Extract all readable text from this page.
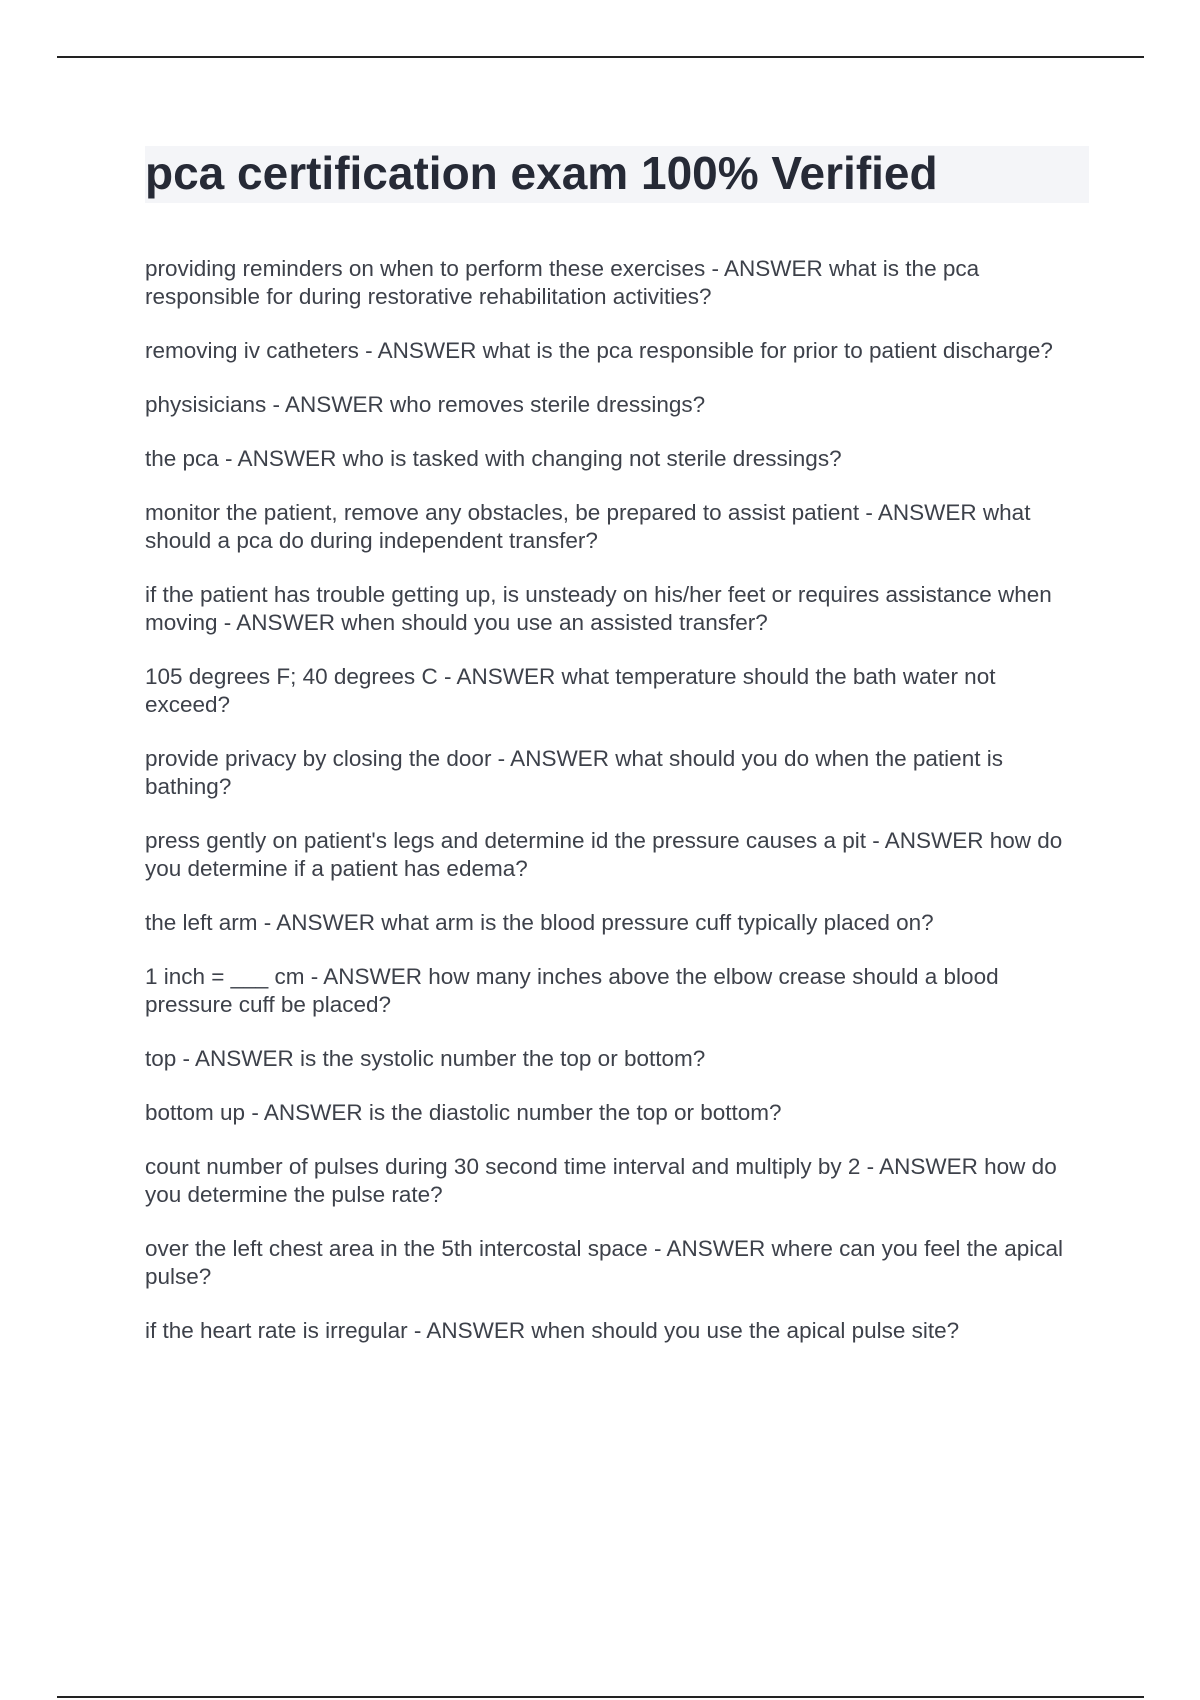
pca certification exam 100% Verified

providing reminders on when to perform these exercises - ANSWER what is the pca responsible for during restorative rehabilitation activities?

removing iv catheters - ANSWER what is the pca responsible for prior to patient discharge?

physisicians - ANSWER who removes sterile dressings?

the pca - ANSWER who is tasked with changing not sterile dressings?

monitor the patient, remove any obstacles, be prepared to assist patient - ANSWER what should a pca do during independent transfer?

if the patient has trouble getting up, is unsteady on his/her feet or requires assistance when moving - ANSWER when should you use an assisted transfer?

105 degrees F; 40 degrees C - ANSWER what temperature should the bath water not exceed?

provide privacy by closing the door - ANSWER what should you do when the patient is bathing?

press gently on patient's legs and determine id the pressure causes a pit - ANSWER how do you determine if a patient has edema?

the left arm - ANSWER what arm is the blood pressure cuff typically placed on?

1 inch = ___ cm - ANSWER how many inches above the elbow crease should a blood pressure cuff be placed?

top - ANSWER is the systolic number the top or bottom?

bottom up - ANSWER is the diastolic number the top or bottom?

count number of pulses during 30 second time interval and multiply by 2 - ANSWER how do you determine the pulse rate?

over the left chest area in the 5th intercostal space - ANSWER where can you feel the apical pulse?

if the heart rate is irregular - ANSWER when should you use the apical pulse site?
